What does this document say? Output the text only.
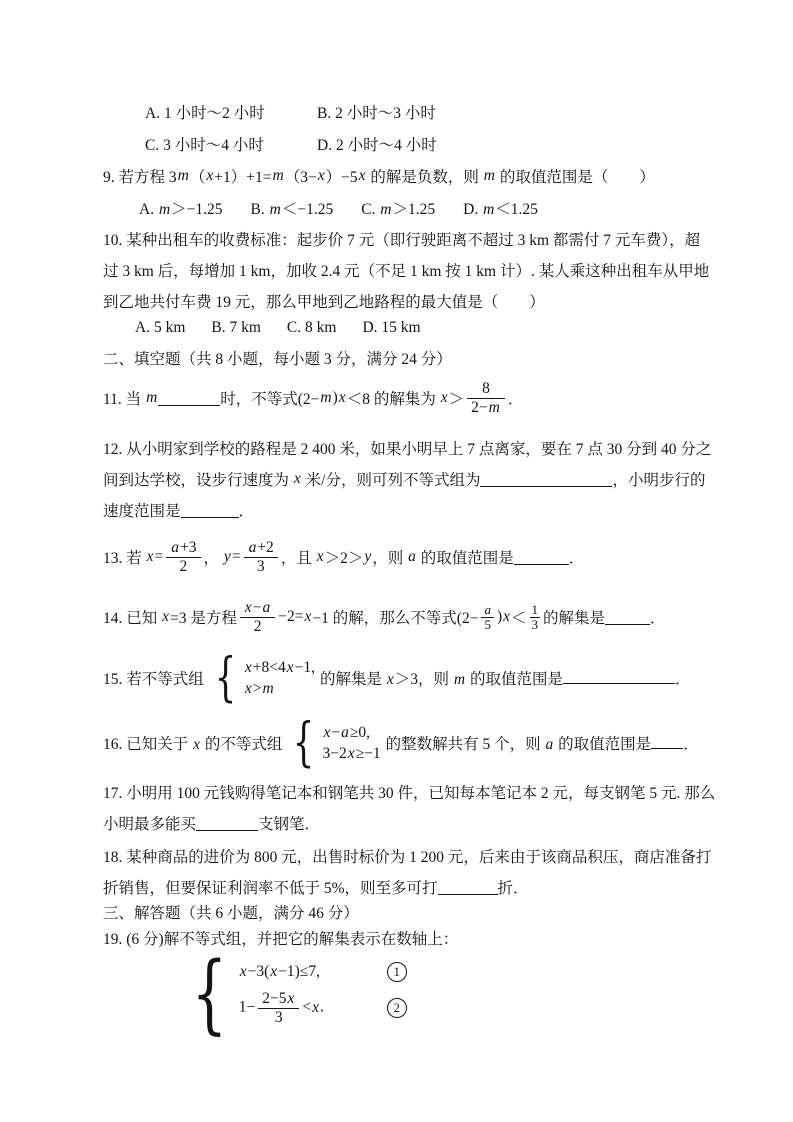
A. 1 小时～2 小时	B. 2 小时～3 小时
C. 3 小时～4 小时	D. 2 小时～4 小时
9. 若方程 3 m （ x +1）+1= m （3− x ）−5 x 的解是负数，则 m 的取值范围是（　　）
A. m＞−1.25 B. m＜−1.25 C. m＞1.25 D. m＜1.25
10. 某种出租车的收费标准：起步价 7 元（即行驶距离不超过 3 km 都需付 7 元车费），超
过 3 km 后，每增加 1 km，加收 2.4 元（不足 1 km 按 1 km 计）. 某人乘这种出租车从甲地
到乙地共付车费 19 元，那么甲地到乙地路程的最大值是（　　）
A. 5 km B. 7 km C. 8 km D. 15 km
二、填空题（共 8 小题，每小题 3 分，满分 24 分）
11. 当 m	时，不等式(2− m ) x ＜8 的解集为 $x > \frac{8}{2-m}$ ．
12. 从小明家到学校的路程是 2 400 米，如果小明早上 7 点离家，要在 7 点 30 分到 40 分之
间到达学校，设步行速度为 x 米/分，则可列不等式组为	，小明步行的
速度范围是	．
13. 若 $x = \frac{a+3}{2}$ ， $y = \frac{a+2}{3}$ ，且 x ＞2＞ y ，则 a 的取值范围是	．
14. 已知 x =3 是方程 $\frac{x-a}{2} -2= x -1$ 的解，那么不等式($2- \frac{a}{5}$ ) $x < \frac{1}{3}$ 的解集是	．
15. 若不等式组 { x +8<4 x −1,
x > m	的解集是 x＞3，则 m 的取值范围是	．
16. 已知关于 x 的不等式组 { x − a ≥0,
3−2 x ≥−1 的整数解共有 5 个，则 a 的取值范围是 ．
17. 小明用 100 元钱购得笔记本和钢笔共 30 件，已知每本笔记本 2 元，每支钢笔 5 元. 那么
小明最多能买	支钢笔．
18. 某种商品的进价为 800 元，出售时标价为 1 200 元，后来由于该商品积压，商店准备打
折销售，但要保证利润率不低于 5%，则至多可打	折．
三、解答题（共 6 小题，满分 46 分）
19. (6 分)解不等式组，并把它的解集表示在数轴上：
{ x−3(x−1)≤7,	1
$1- \frac{2-5x}{3} <x$.	2
